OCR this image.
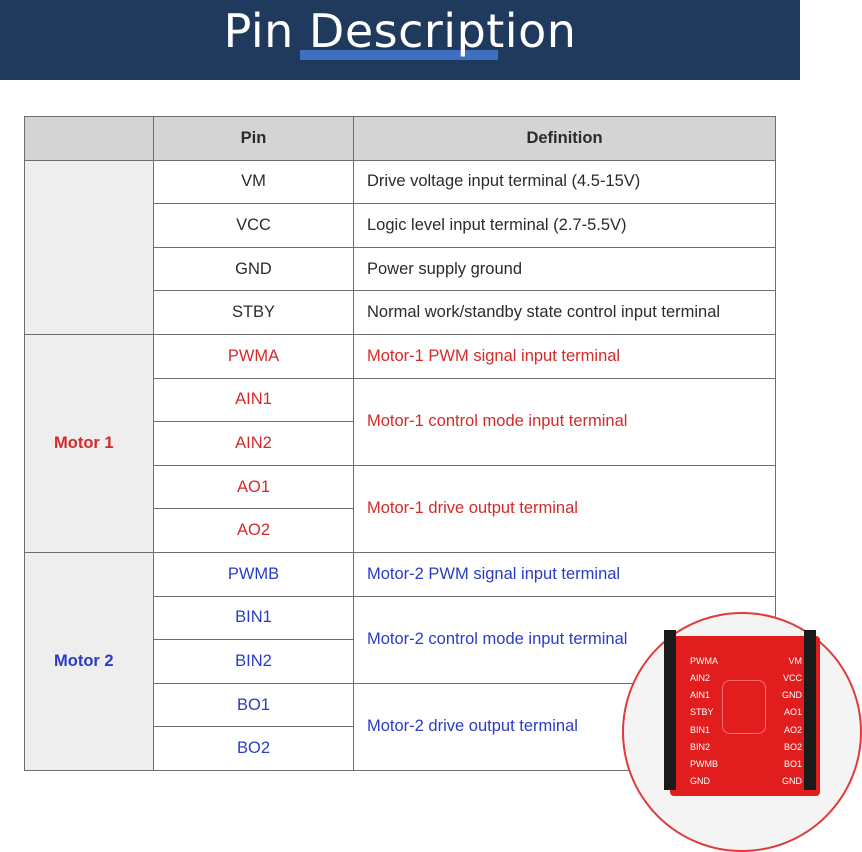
Pin Description
	Pin	Definition
	VM	Drive voltage input terminal (4.5-15V)
	VCC	Logic level input terminal (2.7-5.5V)
	GND	Power supply ground
	STBY	Normal work/standby state control input terminal
Motor 1	PWMA	Motor-1 PWM signal input terminal
	AIN1	Motor-1 control mode input terminal
	AIN2	
	AO1	Motor-1 drive output terminal
	AO2	
Motor 2	PWMB	Motor-2 PWM signal input terminal
	BIN1	Motor-2 control mode input terminal
	BIN2	
	BO1	Motor-2 drive output terminal
	BO2	
PWMA
AIN2
AIN1
STBY
BIN1
BIN2
PWMB
GND
